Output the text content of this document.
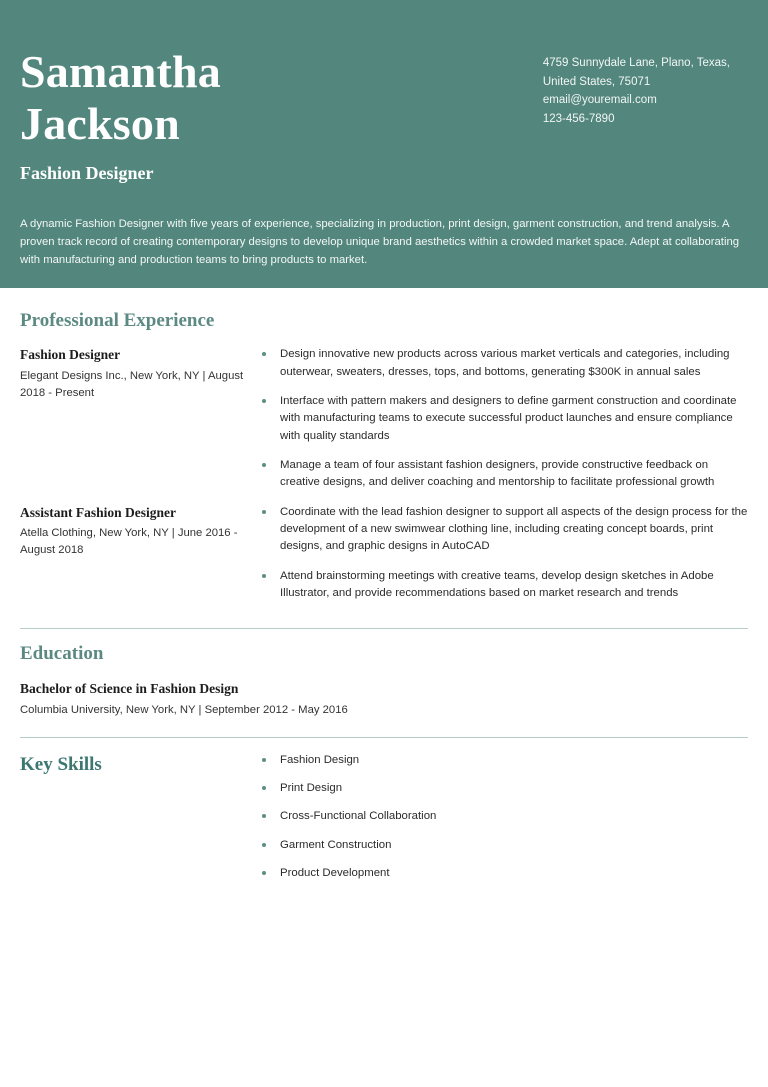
Samantha
Jackson
Fashion Designer
4759 Sunnydale Lane, Plano, Texas,
United States, 75071
email@youremail.com
123-456-7890

A dynamic Fashion Designer with five years of experience, specializing in production, print design, garment construction, and trend analysis. A proven track record of creating contemporary designs to develop unique brand aesthetics within a crowded market space. Adept at collaborating with manufacturing and production teams to bring products to market.

Professional Experience
Fashion Designer
Elegant Designs Inc., New York, NY | August 2018 - Present
Design innovative new products across various market verticals and categories, including outerwear, sweaters, dresses, tops, and bottoms, generating $300K in annual sales
Interface with pattern makers and designers to define garment construction and coordinate with manufacturing teams to execute successful product launches and ensure compliance with quality standards
Manage a team of four assistant fashion designers, provide constructive feedback on creative designs, and deliver coaching and mentorship to facilitate professional growth
Assistant Fashion Designer
Atella Clothing, New York, NY | June 2016 - August 2018
Coordinate with the lead fashion designer to support all aspects of the design process for the development of a new swimwear clothing line, including creating concept boards, print designs, and graphic designs in AutoCAD
Attend brainstorming meetings with creative teams, develop design sketches in Adobe Illustrator, and provide recommendations based on market research and trends
Education
Bachelor of Science in Fashion Design
Columbia University, New York, NY | September 2012 - May 2016
Key Skills	Fashion Design
Print Design
Cross-Functional Collaboration
Garment Construction
Product Development
